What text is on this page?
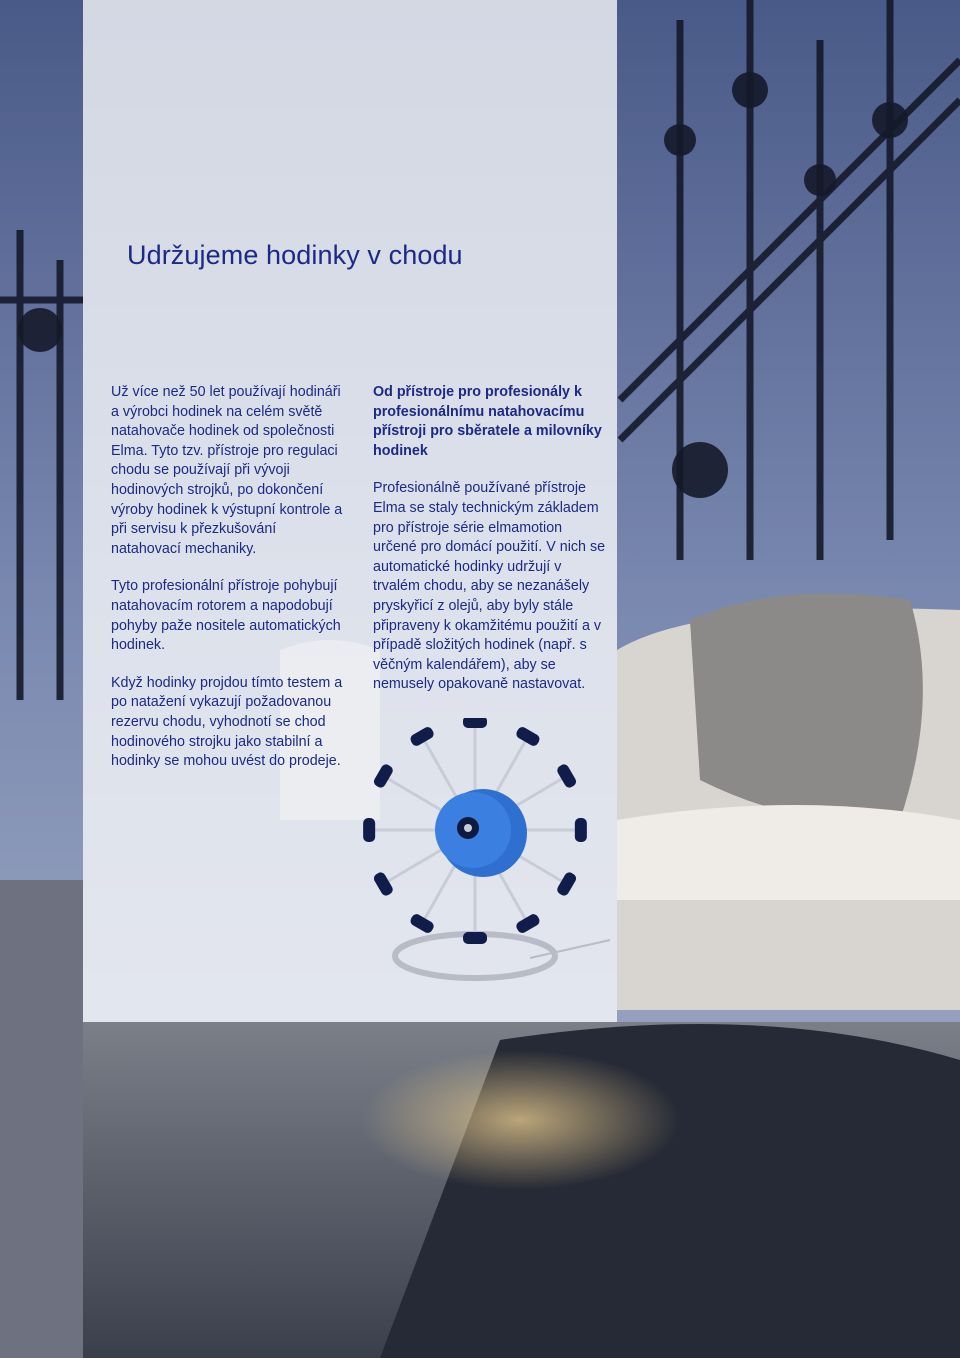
Udržujeme hodinky v chodu

Už více než 50 let používají hodináři a výrobci hodinek na celém světě natahovače hodinek od společnosti Elma. Tyto tzv. přístroje pro regulaci chodu se používají při vývoji hodinových strojků, po dokončení výroby hodinek k výstupní kontrole a při servisu k přezkušování natahovací mechaniky.

Tyto profesionální přístroje pohybují natahovacím rotorem a napodobují pohyby paže nositele automatických hodinek.

Když hodinky projdou tímto testem a po natažení vykazují požadovanou rezervu chodu, vyhodnotí se chod hodinového strojku jako stabilní a hodinky se mohou uvést do prodeje.

Od přístroje pro profesionály k profesionálnímu natahovacímu přístroji pro sběratele a milovníky hodinek

Profesionálně používané přístroje Elma se staly technickým základem pro přístroje série elmamotion určené pro domácí použití. V nich se automatické hodinky udržují v trvalém chodu, aby se nezanášely pryskyřicí z olejů, aby byly stále připraveny k okamžitému použití a v případě složitých hodinek (např. s věčným kalendářem), aby se nemusely opakovaně nastavovat.
